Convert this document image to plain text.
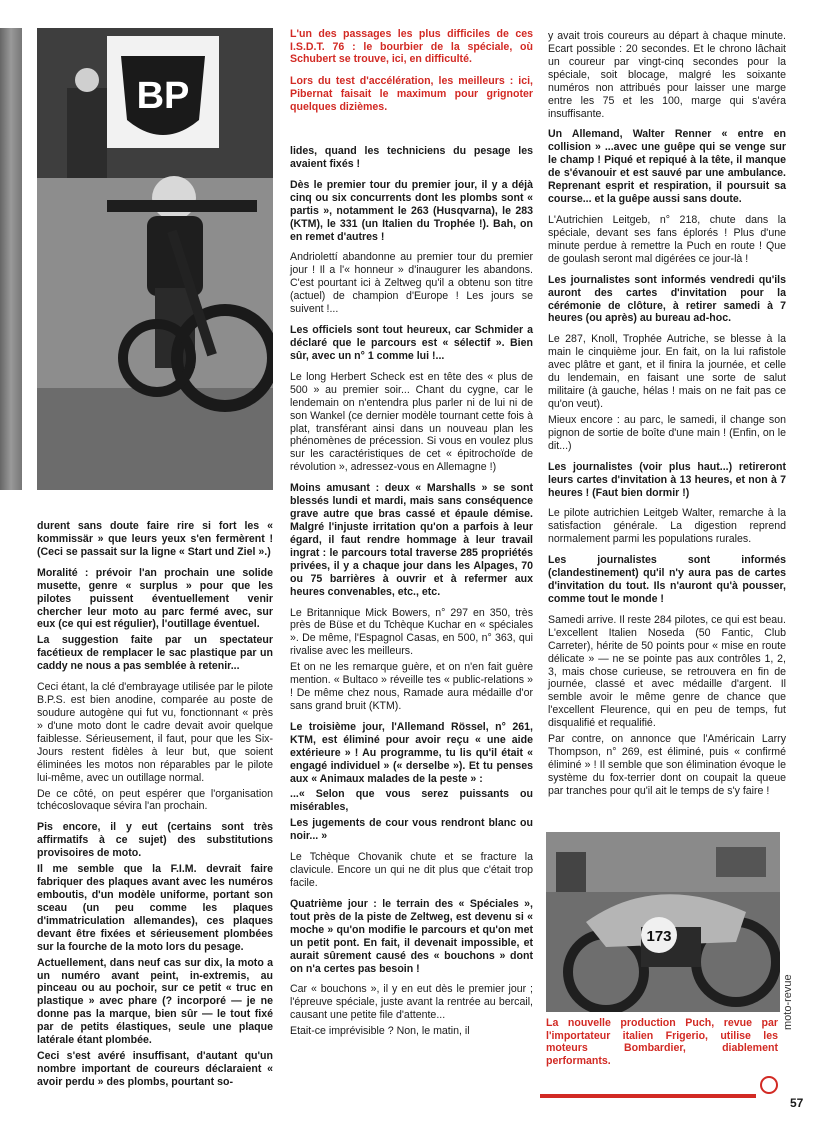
BP

L'un des passages les plus difficiles de ces I.S.D.T. 76 : le bourbier de la spéciale, où Schubert se trouve, ici, en difficulté.

Lors du test d'accélération, les meilleurs : ici, Pibernat faisait le maximum pour grignoter quelques dizièmes.

durent sans doute faire rire si fort les « kommissär » que leurs yeux s'en fermèrent ! (Ceci se passait sur la ligne « Start und Ziel ».)

Moralité : prévoir l'an prochain une solide musette, genre « surplus » pour que les pilotes puissent éventuellement venir chercher leur moto au parc fermé avec, sur eux (ce qui est régulier), l'outillage éventuel.

La suggestion faite par un spectateur facétieux de remplacer le sac plastique par un caddy ne nous a pas semblée à retenir...

Ceci étant, la clé d'embrayage utilisée par le pilote B.P.S. est bien anodine, comparée au poste de soudure autogène qui fut vu, fonctionnant « près » d'une moto dont le cadre devait avoir quelque faiblesse. Sérieusement, il faut, pour que les Six-Jours restent fidèles à leur but, que soient éliminées les motos non réparables par le pilote lui-même, avec un outillage normal.

De ce côté, on peut espérer que l'organisation tchécoslovaque sévira l'an prochain.

Pis encore, il y eut (certains sont très affirmatifs à ce sujet) des substitutions provisoires de moto.

Il me semble que la F.I.M. devrait faire fabriquer des plaques avant avec les numéros emboutis, d'un modèle uniforme, portant son sceau (un peu comme les plaques d'immatriculation allemandes), ces plaques devant être fixées et sérieusement plombées sur la fourche de la moto lors du pesage.

Actuellement, dans neuf cas sur dix, la moto a un numéro avant peint, in-extremis, au pinceau ou au pochoir, sur ce petit « truc en plastique » avec phare (? incorporé — je ne donne pas la marque, bien sûr — le tout fixé par de petits élastiques, seule une plaque latérale étant plombée.

Ceci s'est avéré insuffisant, d'autant qu'un nombre important de coureurs déclaraient « avoir perdu » des plombs, pourtant so-

lides, quand les techniciens du pesage les avaient fixés !

Dès le premier tour du premier jour, il y a déjà cinq ou six concurrents dont les plombs sont « partis », notamment le 263 (Husqvarna), le 283 (KTM), le 331 (un Italien du Trophée !). Bah, on en remet d'autres !

Andriolettí abandonne au premier tour du premier jour ! Il a l'« honneur » d'inaugurer les abandons. C'est pourtant ici à Zeltweg qu'il a obtenu son titre (actuel) de champion d'Europe ! Les jours se suivent !...

Les officiels sont tout heureux, car Schmider a déclaré que le parcours est « sélectif ». Bien sûr, avec un n° 1 comme lui !...

Le long Herbert Scheck est en tête des « plus de 500 » au premier soir... Chant du cygne, car le lendemain on n'entendra plus parler ni de lui ni de son Wankel (ce dernier modèle tournant cette fois à plat, transférant ainsi dans un nouveau plan les phénomènes de précession. Si vous en voulez plus sur les caractéristiques de cet « épitrochoïde de révolution », adressez-vous en Allemagne !)

Moins amusant : deux « Marshalls » se sont blessés lundi et mardi, mais sans conséquence grave autre que bras cassé et épaule démise. Malgré l'injuste irritation qu'on a parfois à leur égard, il faut rendre hommage à leur travail ingrat : le parcours total traverse 285 propriétés privées, il y a chaque jour dans les Alpages, 70 ou 75 barrières à ouvrir et à refermer aux heures convenables, etc., etc.

Le Britannique Mick Bowers, n° 297 en 350, très près de Büse et du Tchèque Kuchar en « spéciales ». De même, l'Espagnol Casas, en 500, n° 363, qui rivalise avec les meilleurs.

Et on ne les remarque guère, et on n'en fait guère mention. « Bultaco » réveille tes « public-relations » ! De même chez nous, Ramade aura médaille d'or sans grand bruit (KTM).

Le troisième jour, l'Allemand Rössel, n° 261, KTM, est éliminé pour avoir reçu « une aide extérieure » ! Au programme, tu lis qu'il était « engagé individuel » (« derselbe »). Et tu penses aux « Animaux malades de la peste » :

...« Selon que vous serez puissants ou misérables,

Les jugements de cour vous rendront blanc ou noir... »

Le Tchèque Chovanik chute et se fracture la clavicule. Encore un qui ne dit plus que c'était trop facile.

Quatrième jour : le terrain des « Spéciales », tout près de la piste de Zeltweg, est devenu si « moche » qu'on modifie le parcours et qu'on met un petit pont. En fait, il devenait impossible, et aurait sûrement causé des « bouchons » dont on n'a certes pas besoin !

Car « bouchons », il y en eut dès le premier jour ; l'épreuve spéciale, juste avant la rentrée au bercail, causant une petite file d'attente...

Etait-ce imprévisible ? Non, le matin, il

y avait trois coureurs au départ à chaque minute. Ecart possible : 20 secondes. Et le chrono lâchait un coureur par vingt-cinq secondes pour la spéciale, soit blocage, malgré les soixante numéros non attribués pour laisser une marge entre les 75 et les 100, marge qui s'avéra insuffisante.

Un Allemand, Walter Renner « entre en collision » ...avec une guêpe qui se venge sur le champ ! Piqué et repiqué à la tête, il manque de s'évanouir et est sauvé par une ambulance. Reprenant esprit et respiration, il poursuit sa course... et la guêpe aussi sans doute.

L'Autrichien Leitgeb, n° 218, chute dans la spéciale, devant ses fans éplorés ! Plus d'une minute perdue à remettre la Puch en route ! Que de goulash seront mal digérées ce jour-là !

Les journalistes sont informés vendredi qu'ils auront des cartes d'invitation pour la cérémonie de clôture, à retirer samedi à 7 heures (ou après) au bureau ad-hoc.

Le 287, Knoll, Trophée Autriche, se blesse à la main le cinquième jour. En fait, on la lui rafistole avec plâtre et gant, et il finira la journée, et celle du lendemain, en faisant une sorte de salut militaire (à gauche, hélas ! mais on ne fait pas ce qu'on veut).

Mieux encore : au parc, le samedi, il change son pignon de sortie de boîte d'une main ! (Enfin, on le dit...)

Les journalistes (voir plus haut...) retireront leurs cartes d'invitation à 13 heures, et non à 7 heures ! (Faut bien dormir !)

Le pilote autrichien Leitgeb Walter, remarche à la satisfaction générale. La digestion reprend normalement parmi les populations rurales.

Les journalistes sont informés (clandestinement) qu'il n'y aura pas de cartes d'invitation du tout. Ils n'auront qu'à pousser, comme tout le monde !

Samedi arrive. Il reste 284 pilotes, ce qui est beau. L'excellent Italien Noseda (50 Fantic, Club Carreter), hérite de 50 points pour « mise en route délicate » — ne se pointe pas aux contrôles 1, 2, 3, mais chose curieuse, se retrouvera en fin de journée, classé et avec médaille d'argent. Il semble avoir le même genre de chance que l'excellent Fleurence, qui en peu de temps, fut disqualifié et requalifié.

Par contre, on annonce que l'Américain Larry Thompson, n° 269, est éliminé, puis « confirmé éliminé » ! Il semble que son élimination évoque le système du fox-terrier dont on coupait la queue par tranches pour qu'il ait le temps de s'y faire !

173

La nouvelle production Puch, revue par l'importateur italien Frigerio, utilise les moteurs Bombardier, diablement performants.

moto-revue
57
